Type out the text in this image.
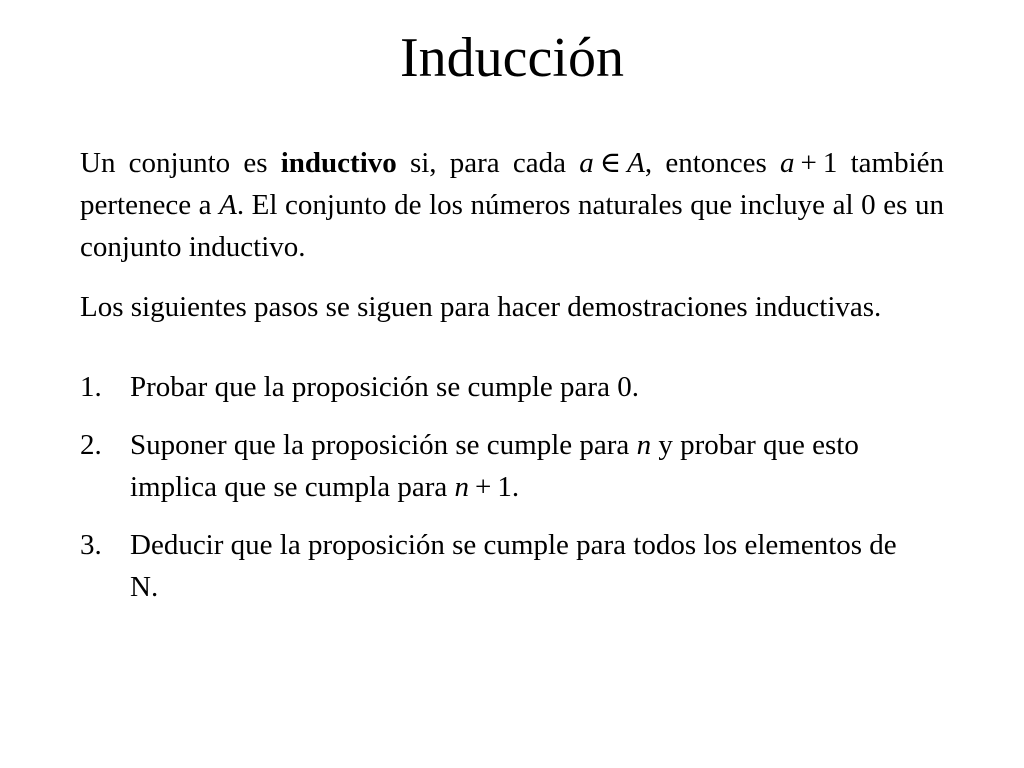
Inducción

Un conjunto es inductivo si, para cada a ∈ A, entonces a + 1 también pertenece a A. El conjunto de los números naturales que incluye al 0 es un conjunto inductivo.

Los siguientes pasos se siguen para hacer demostraciones inductivas.

1. Probar que la proposición se cumple para 0.
2. Suponer que la proposición se cumple para n y probar que esto implica que se cumpla para n + 1.
3. Deducir que la proposición se cumple para todos los elementos de N.
